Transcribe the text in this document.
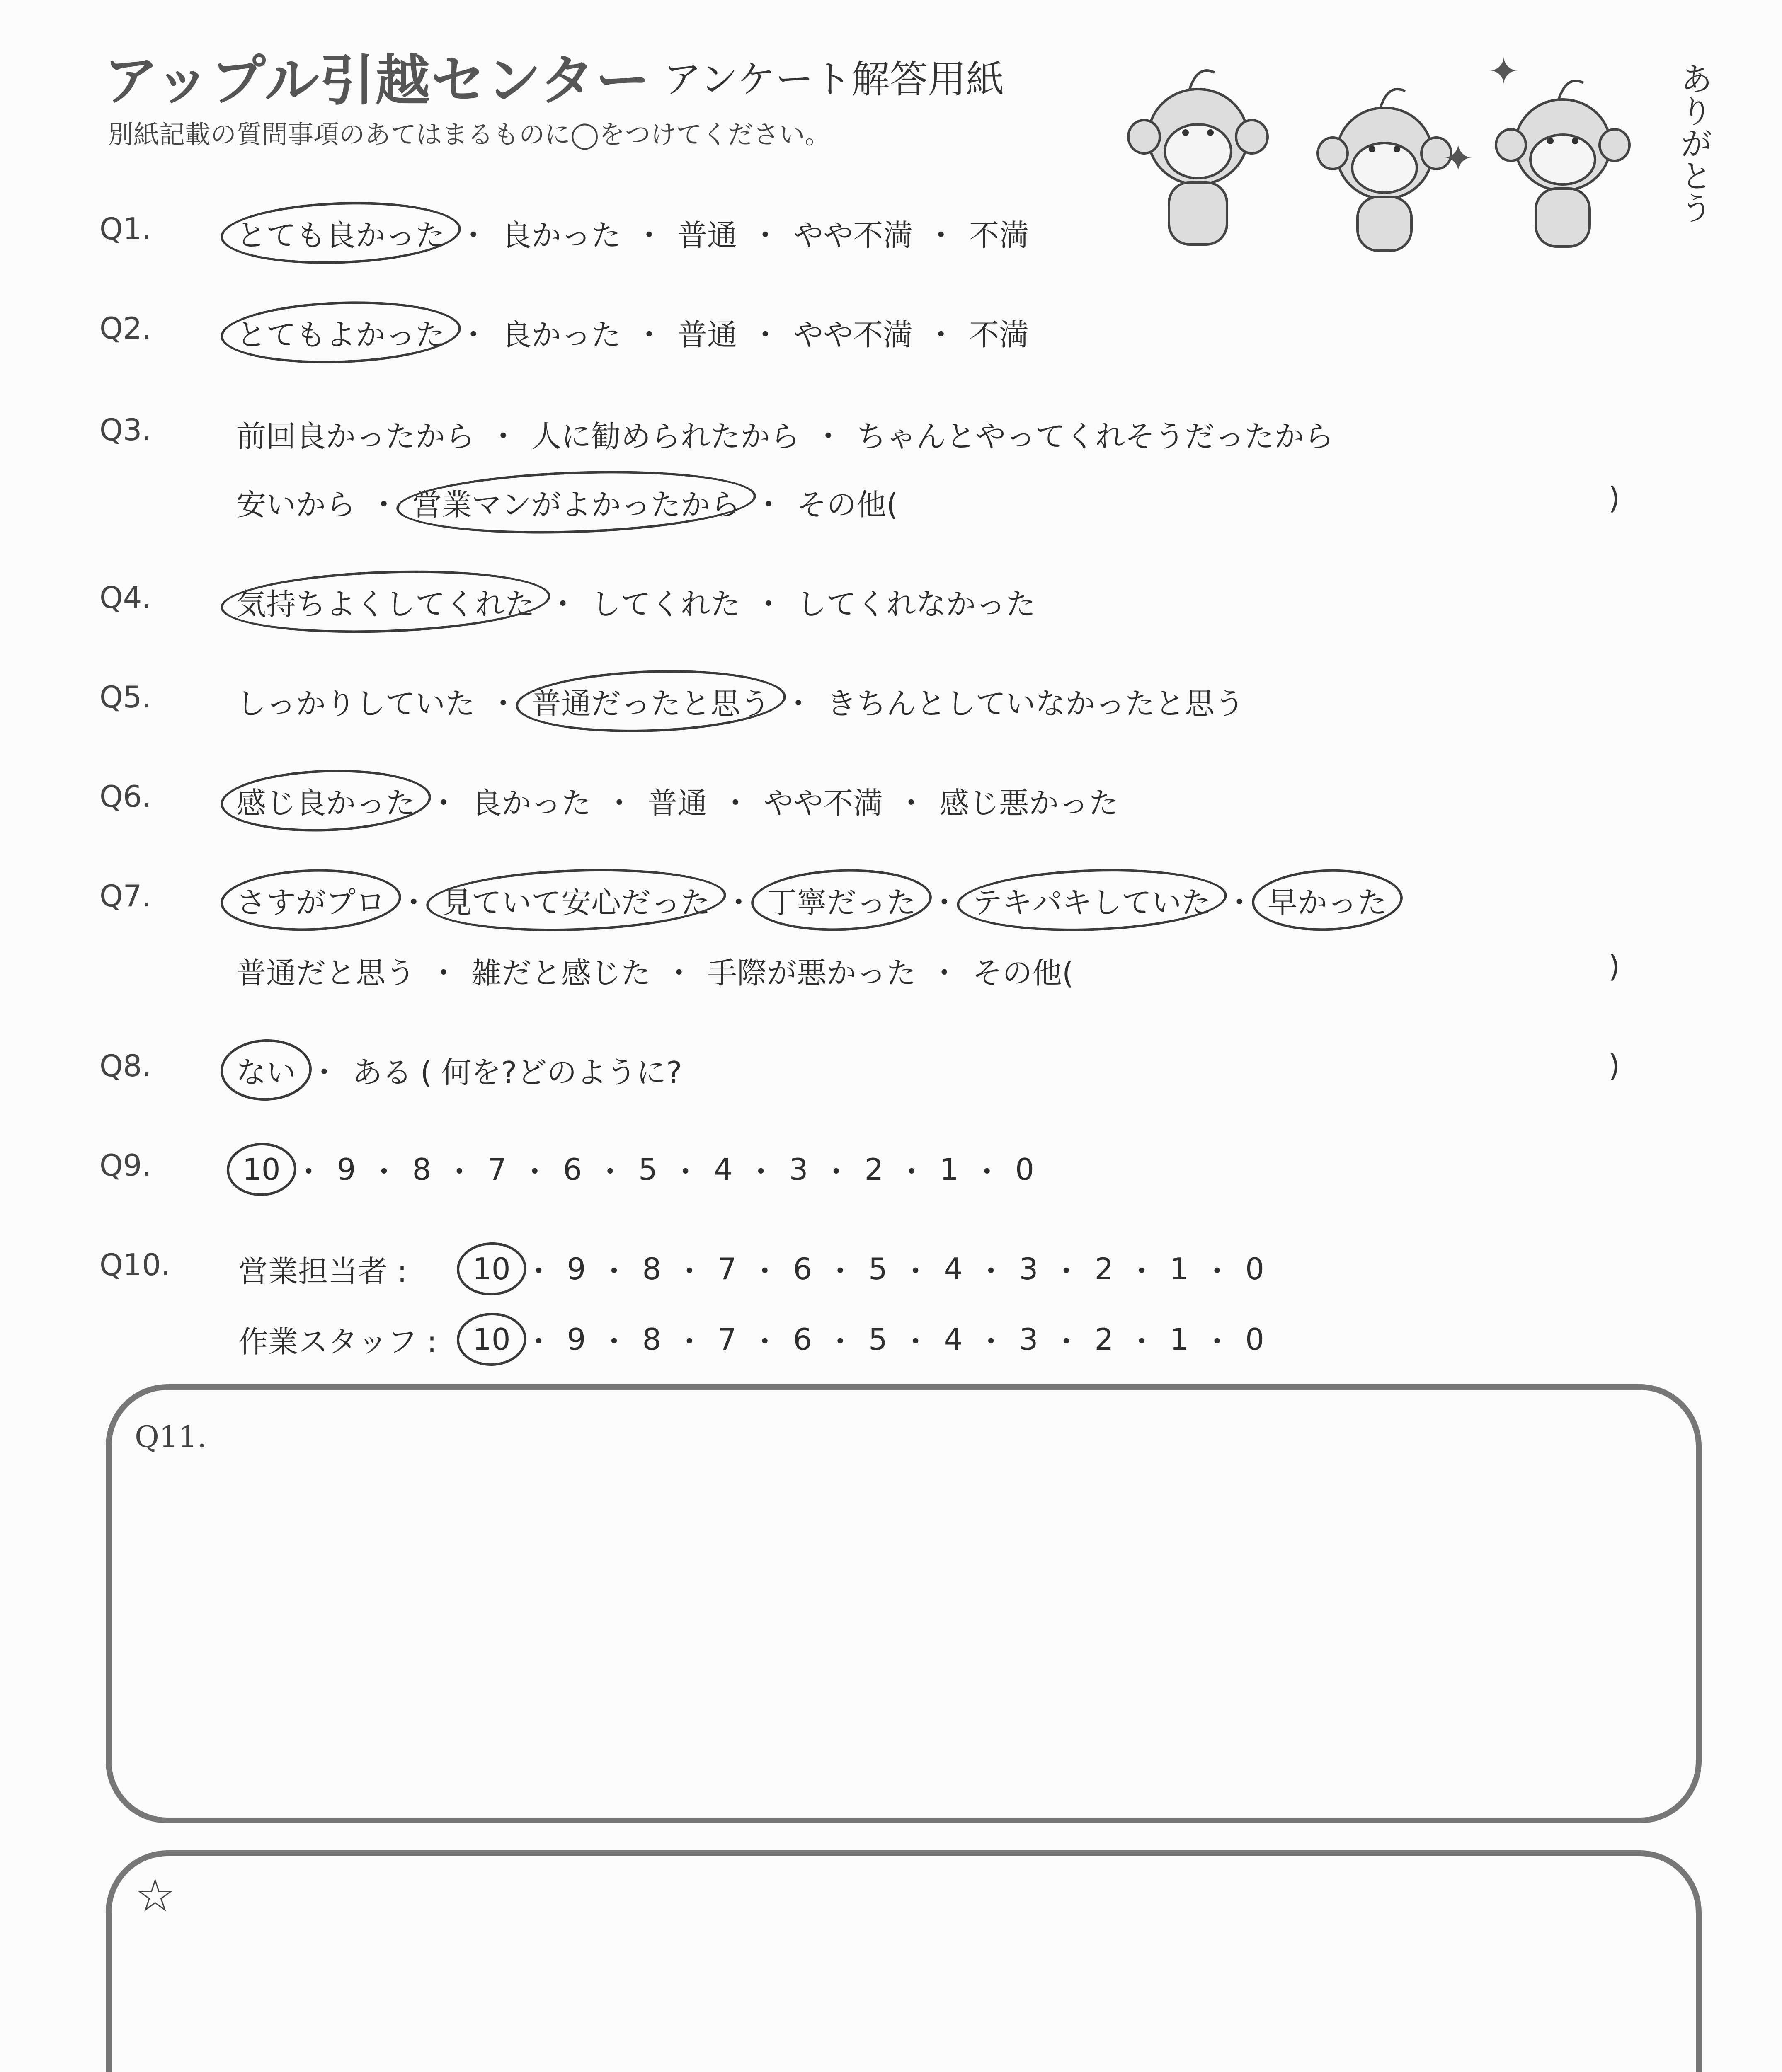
アップル引越センター アンケート解答用紙
別紙記載の質問事項のあてはまるものに◯をつけてください。
✦
✦	ありがとう
Q1.	とても良かった ・ 良かった ・ 普通 ・ やや不満 ・ 不満
Q2.	とてもよかった ・ 良かった ・ 普通 ・ やや不満 ・ 不満
Q3.	前回良かったから ・ 人に勧められたから ・ ちゃんとやってくれそうだったから
安いから ・ 営業マンがよかったから ・ その他(	)
Q4.	気持ちよくしてくれた ・ してくれた ・ してくれなかった
Q5.	しっかりしていた ・ 普通だったと思う ・ きちんとしていなかったと思う
Q6.	感じ良かった ・ 良かった ・ 普通 ・ やや不満 ・ 感じ悪かった
Q7.	さすがプロ ・ 見ていて安心だった ・ 丁寧だった ・ テキパキしていた ・ 早かった
普通だと思う ・ 雑だと感じた ・ 手際が悪かった ・ その他(	)
Q8.	ない ・ ある ( 何を?どのように?	)
Q9.	10 ・ 9 ・ 8 ・ 7 ・ 6 ・ 5 ・ 4 ・ 3 ・ 2 ・ 1 ・ 0
Q10. 営業担当者 : 10 ・ 9 ・ 8 ・ 7 ・ 6 ・ 5 ・ 4 ・ 3 ・ 2 ・ 1 ・ 0
作業スタッフ : 10 ・ 9 ・ 8 ・ 7 ・ 6 ・ 5 ・ 4 ・ 3 ・ 2 ・ 1 ・ 0
Q11.
☆
